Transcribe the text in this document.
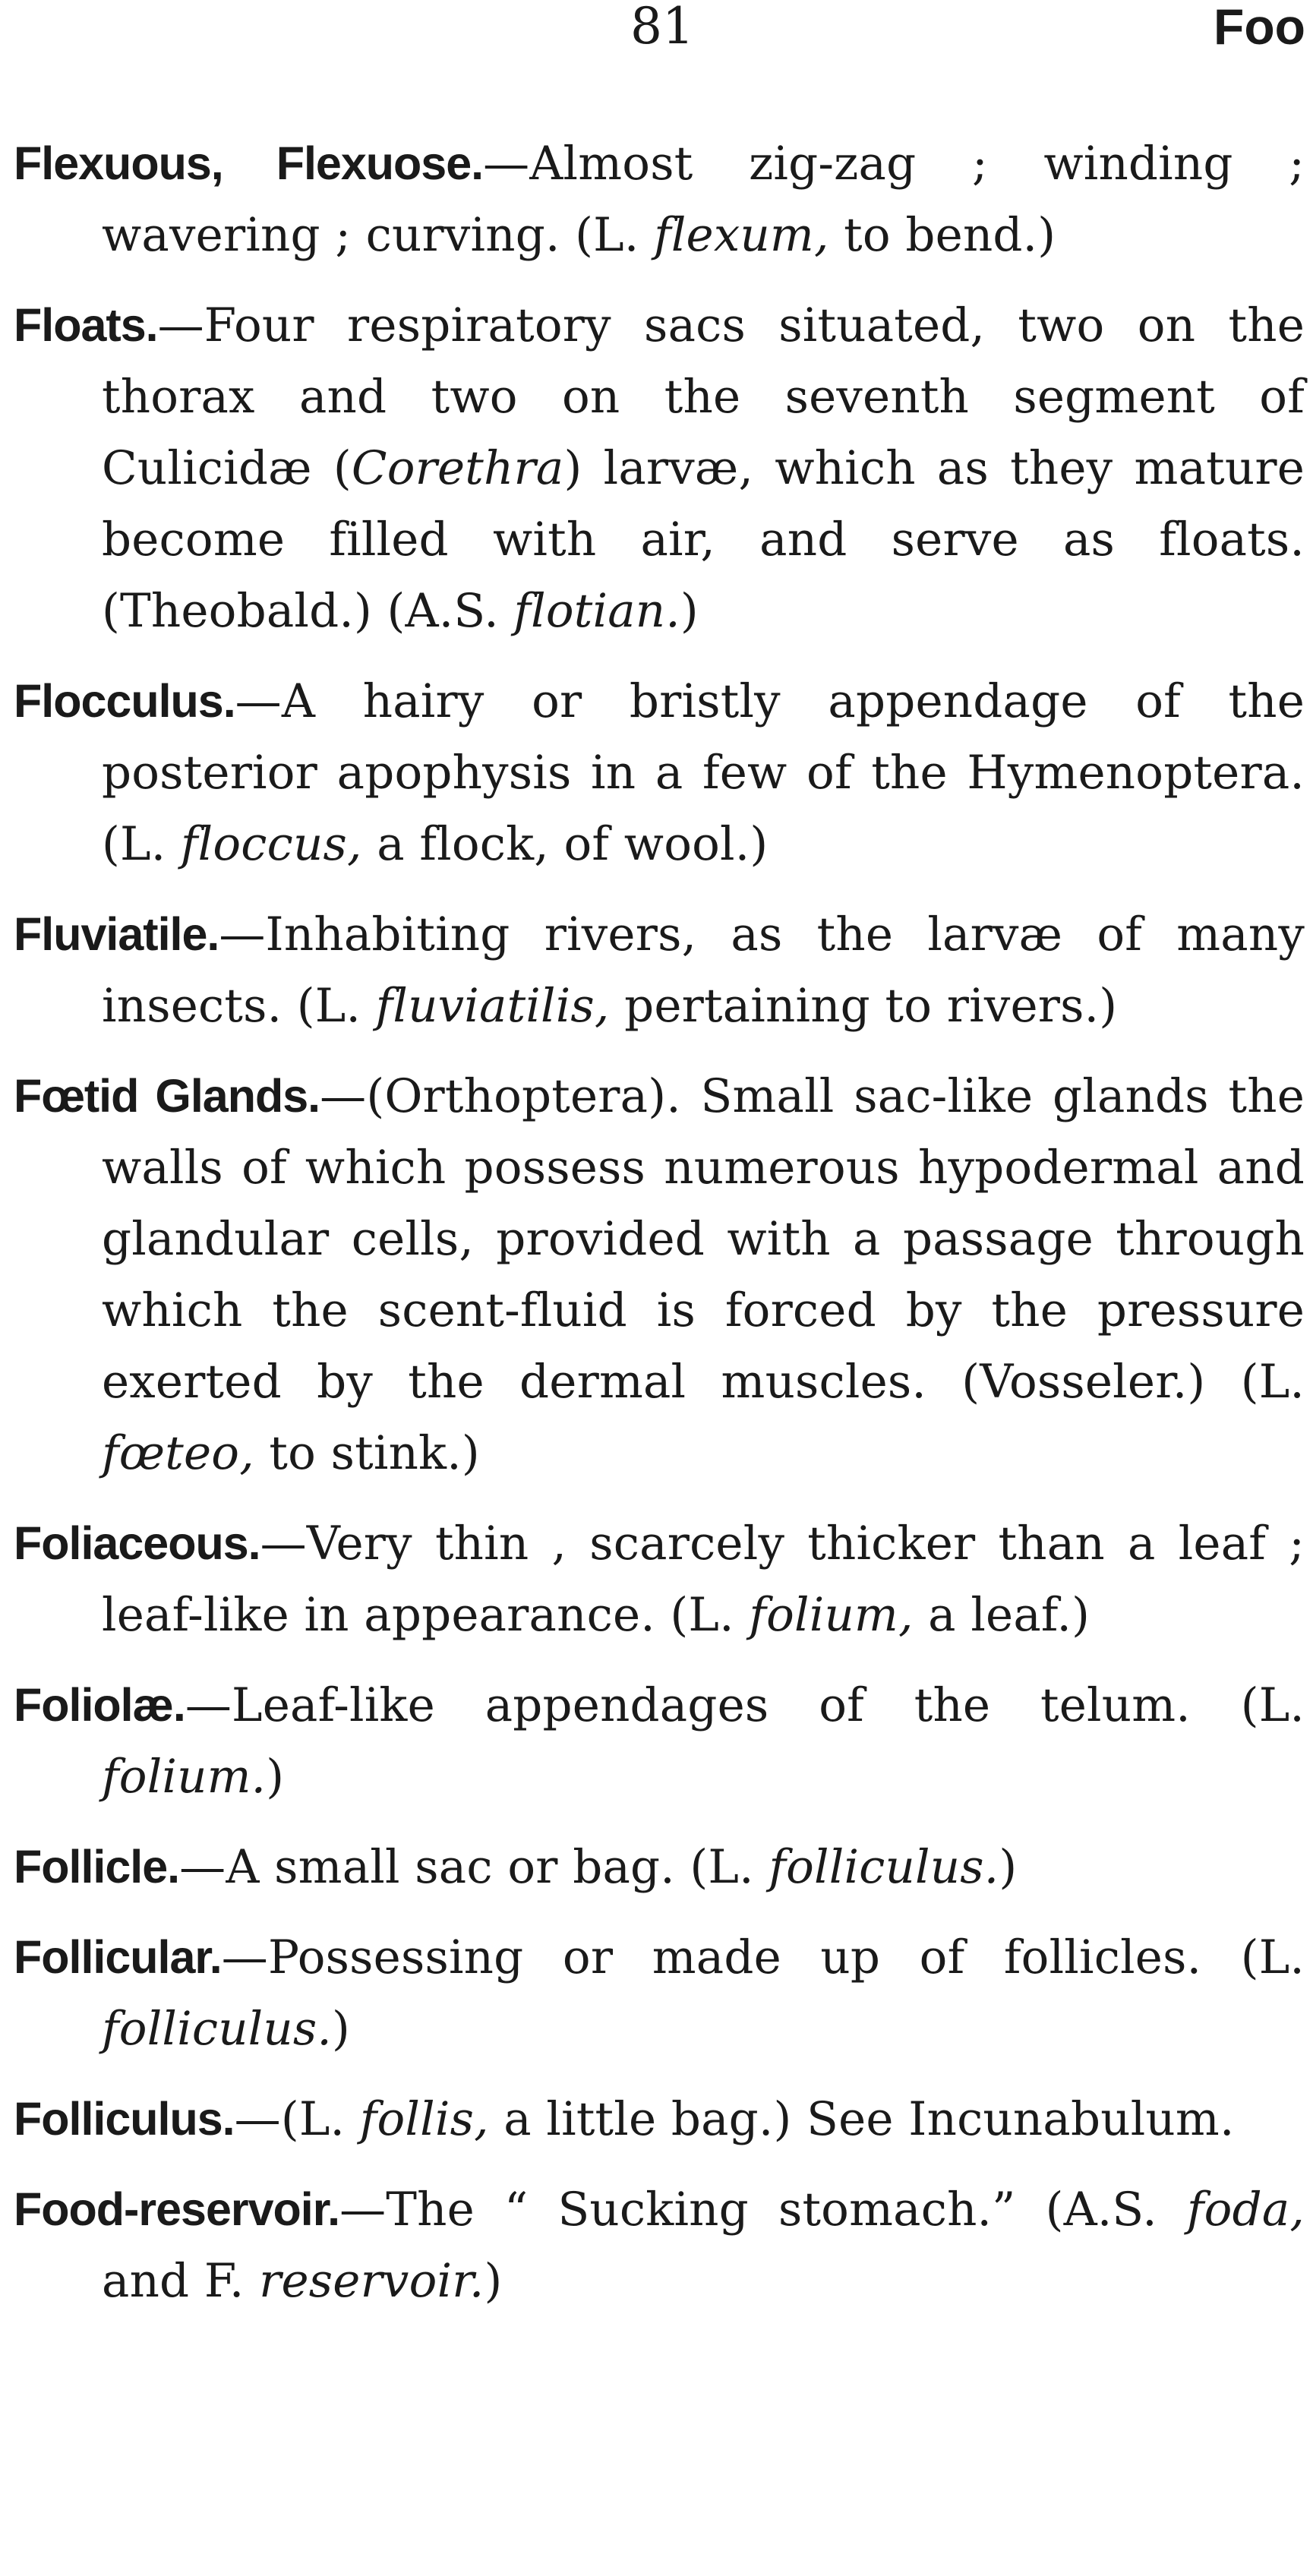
81	Foo

Flexuous, Flexuose.—Almost zig-zag ; winding ; wavering ; curving. (L. flexum, to bend.)

Floats.—Four respiratory sacs situated, two on the thorax and two on the seventh segment of Culicidæ (Corethra) larvæ, which as they mature become filled with air, and serve as floats. (Theobald.) (A.S. flotian.)

Flocculus.—A hairy or bristly appendage of the posterior apophysis in a few of the Hymenoptera. (L. floccus, a flock, of wool.)

Fluviatile.—Inhabiting rivers, as the larvæ of many insects. (L. fluviatilis, pertaining to rivers.)

Fœtid Glands.—(Orthoptera). Small sac-like glands the walls of which possess numerous hypodermal and glandular cells, provided with a passage through which the scent-fluid is forced by the pressure exerted by the dermal muscles. (Vosseler.) (L. fœteo, to stink.)

Foliaceous.—Very thin , scarcely thicker than a leaf ; leaf-like in appearance. (L. folium, a leaf.)

Foliolæ.—Leaf-like appendages of the telum. (L. folium.)

Follicle.—A small sac or bag. (L. folliculus.)

Follicular.—Possessing or made up of follicles. (L. folliculus.)

Folliculus.—(L. follis, a little bag.) See Incunabulum.

Food-reservoir.—The “ Sucking stomach.” (A.S. foda, and F. reservoir.)
